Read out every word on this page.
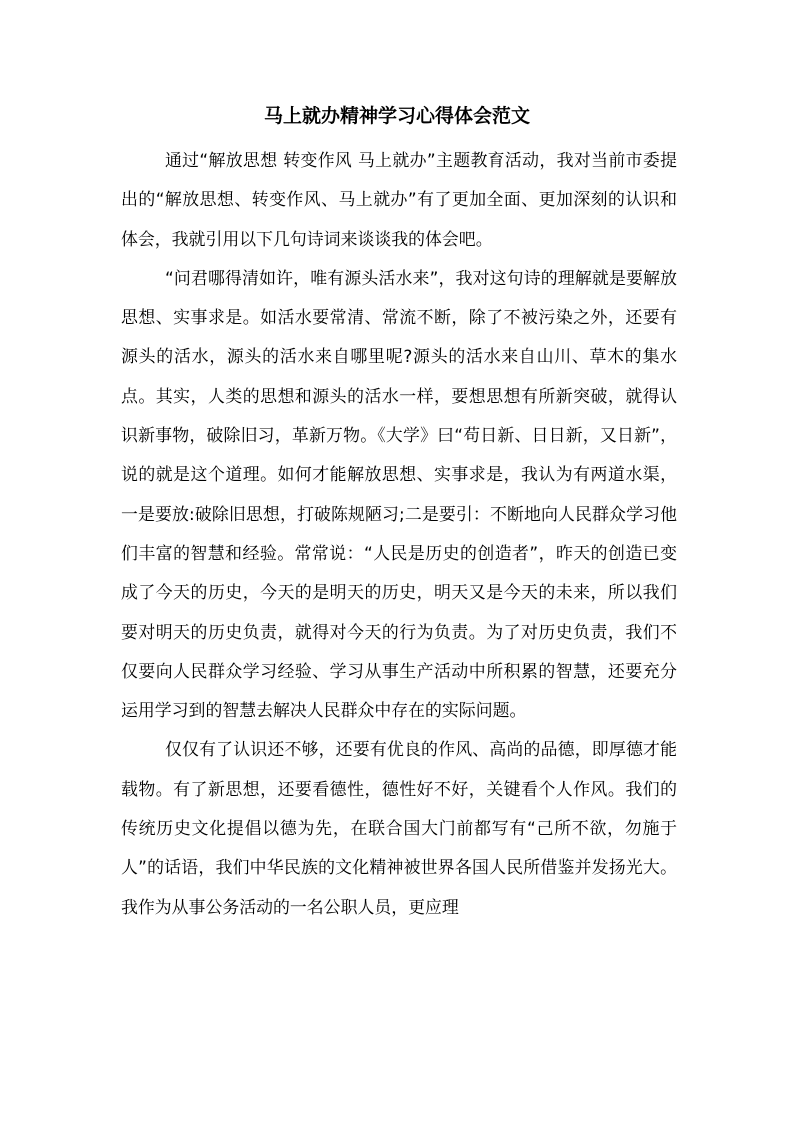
马上就办精神学习心得体会范文

通过“解放思想 转变作风 马上就办”主题教育活动，我对当前市委提出的“解放思想、转变作风、马上就办”有了更加全面、更加深刻的认识和体会，我就引用以下几句诗词来谈谈我的体会吧。

“问君哪得清如许，唯有源头活水来”，我对这句诗的理解就是要解放思想、实事求是。如活水要常清、常流不断，除了不被污染之外，还要有源头的活水，源头的活水来自哪里呢?源头的活水来自山川、草木的集水点。其实，人类的思想和源头的活水一样，要想思想有所新突破，就得认识新事物，破除旧习，革新万物。《大学》曰“苟日新、日日新，又日新”，说的就是这个道理。如何才能解放思想、实事求是，我认为有两道水渠，一是要放:破除旧思想，打破陈规陋习;二是要引：不断地向人民群众学习他们丰富的智慧和经验。常常说：“人民是历史的创造者”，昨天的创造已变成了今天的历史，今天的是明天的历史，明天又是今天的未来，所以我们要对明天的历史负责，就得对今天的行为负责。为了对历史负责，我们不仅要向人民群众学习经验、学习从事生产活动中所积累的智慧，还要充分运用学习到的智慧去解决人民群众中存在的实际问题。

仅仅有了认识还不够，还要有优良的作风、高尚的品德，即厚德才能载物。有了新思想，还要看德性，德性好不好，关键看个人作风。我们的传统历史文化提倡以德为先，在联合国大门前都写有“己所不欲，勿施于人”的话语，我们中华民族的文化精神被世界各国人民所借鉴并发扬光大。我作为从事公务活动的一名公职人员，更应理
